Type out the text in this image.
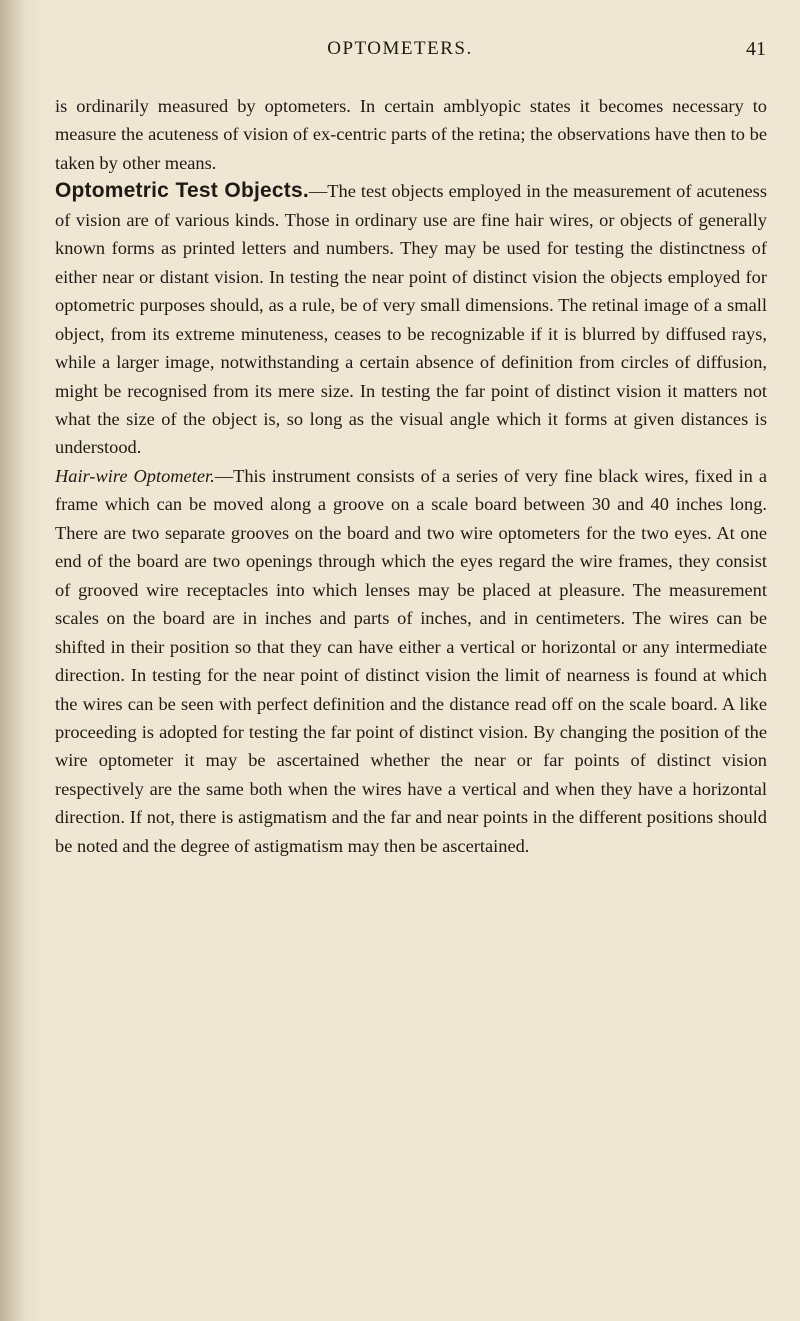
OPTOMETERS.	41

is ordinarily measured by optometers. In certain amblyopic states it becomes necessary to measure the acuteness of vision of ex-centric parts of the retina; the observations have then to be taken by other means.

Optometric Test Objects.—The test objects employed in the measurement of acuteness of vision are of various kinds. Those in ordinary use are fine hair wires, or objects of generally known forms as printed letters and numbers. They may be used for testing the distinctness of either near or distant vision. In testing the near point of distinct vision the objects employed for optometric purposes should, as a rule, be of very small dimensions. The retinal image of a small object, from its extreme minuteness, ceases to be recognizable if it is blurred by diffused rays, while a larger image, notwithstanding a certain absence of definition from circles of diffusion, might be recognised from its mere size. In testing the far point of distinct vision it matters not what the size of the object is, so long as the visual angle which it forms at given distances is understood.

Hair-wire Optometer.—This instrument consists of a series of very fine black wires, fixed in a frame which can be moved along a groove on a scale board between 30 and 40 inches long. There are two separate grooves on the board and two wire optometers for the two eyes. At one end of the board are two openings through which the eyes regard the wire frames, they consist of grooved wire receptacles into which lenses may be placed at pleasure. The measurement scales on the board are in inches and parts of inches, and in centimeters. The wires can be shifted in their position so that they can have either a vertical or horizontal or any intermediate direction. In testing for the near point of distinct vision the limit of nearness is found at which the wires can be seen with perfect definition and the distance read off on the scale board. A like proceeding is adopted for testing the far point of distinct vision. By changing the position of the wire optometer it may be ascertained whether the near or far points of distinct vision respectively are the same both when the wires have a vertical and when they have a horizontal direction. If not, there is astigmatism and the far and near points in the different positions should be noted and the degree of astigmatism may then be ascertained.
